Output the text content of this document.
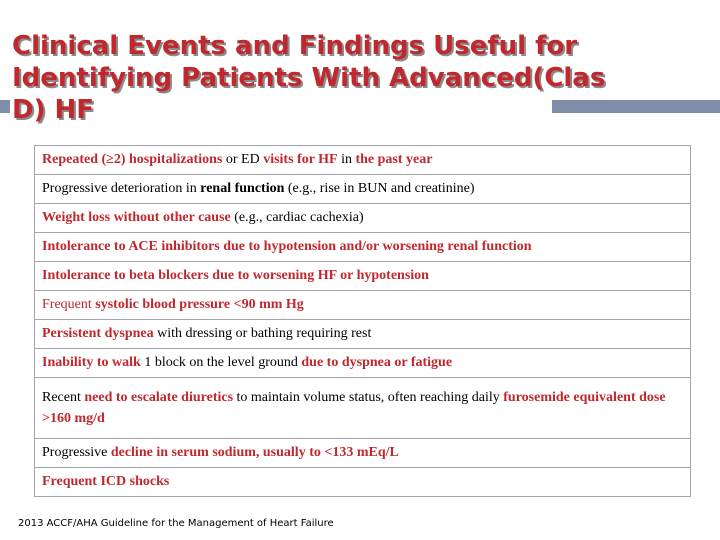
Clinical Events and Findings Useful for
Identifying Patients With Advanced(Clas
D) HF
Repeated (≥2) hospitalizations or ED visits for HF in the past year
Progressive deterioration in renal function (e.g., rise in BUN and creatinine)
Weight loss without other cause (e.g., cardiac cachexia)
Intolerance to ACE inhibitors due to hypotension and/or worsening renal function
Intolerance to beta blockers due to worsening HF or hypotension
Frequent systolic blood pressure <90 mm Hg
Persistent dyspnea with dressing or bathing requiring rest
Inability to walk 1 block on the level ground due to dyspnea or fatigue
Recent need to escalate diuretics to maintain volume status, often reaching daily furosemide equivalent dose >160 mg/d
Progressive decline in serum sodium, usually to <133 mEq/L
Frequent ICD shocks
2013 ACCF/AHA Guideline for the Management of Heart Failure
